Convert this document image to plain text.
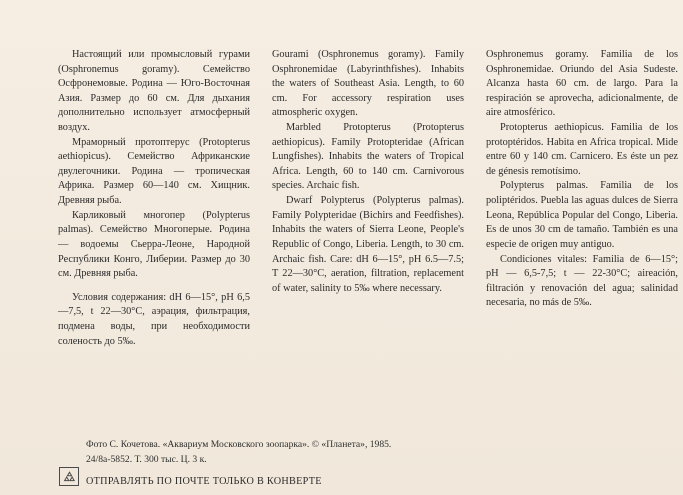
Настоящий или промысловый гурами (Osphronemus goramy). Семейство Осфронемовые. Родина — Юго-Восточная Азия. Размер до 60 см. Для дыхания дополнительно использует атмосферный воздух.

Мраморный протоптерус (Protopterus aethiopicus). Семейство Африканские двулегочники. Родина — тропическая Африка. Размер 60—140 см. Хищник. Древняя рыба.

Карликовый многопер (Polypterus palmas). Семейство Многоперые. Родина — водоемы Сьерра-Леоне, Народной Республики Конго, Либерии. Размер до 30 см. Древняя рыба.

Условия содержания: dH 6—15°, pH 6,5—7,5, t 22—30°C, аэрация, фильтрация, подмена воды, при необходимости соленость до 5‰.

Gourami (Osphronemus goramy). Family Osphronemidae (Labyrinthfishes). Inhabits the waters of Southeast Asia. Length, to 60 cm. For accessory respiration uses atmospheric oxygen.

Marbled Protopterus (Protopterus aethiopicus). Family Protopteridae (African Lungfishes). Inhabits the waters of Tropical Africa. Length, 60 to 140 cm. Carnivorous species. Archaic fish.

Dwarf Polypterus (Polypterus palmas). Family Polypteridae (Bichirs and Feedfishes). Inhabits the waters of Sierra Leone, People's Republic of Congo, Liberia. Length, to 30 cm. Archaic fish. Care: dH 6—15°, pH 6.5—7.5; T 22—30°C, aeration, filtration, replacement of water, salinity to 5‰ where necessary.

Osphronemus goramy. Familia de los Osphronemidae. Oriundo del Asia Sudeste. Alcanza hasta 60 cm. de largo. Para la respiración se aprovecha, adicionalmente, de aire atmosférico.

Protopterus aethiopicus. Familia de los protoptéridos. Habita en Africa tropical. Mide entre 60 y 140 cm. Carnicero. Es éste un pez de génesis remotísimo.

Polypterus palmas. Familia de los poliptéridos. Puebla las aguas dulces de Sierra Leona, República Popular del Congo, Liberia. Es de unos 30 cm de tamaño. También es una especie de origen muy antiguo.

Condiciones vitales: Familia de 6—15°; pH — 6,5-7,5; t — 22-30°C; aireación, filtración y renovación del agua; salinidad necesaria, no más de 5‰.

Фото С. Кочетова. «Аквариум Московского зоопарка». © «Планета», 1985.
24/8а-5852. Т. 300 тыс. Ц. 3 к.
ОТПРАВЛЯТЬ ПО ПОЧТЕ ТОЛЬКО В КОНВЕРТЕ
